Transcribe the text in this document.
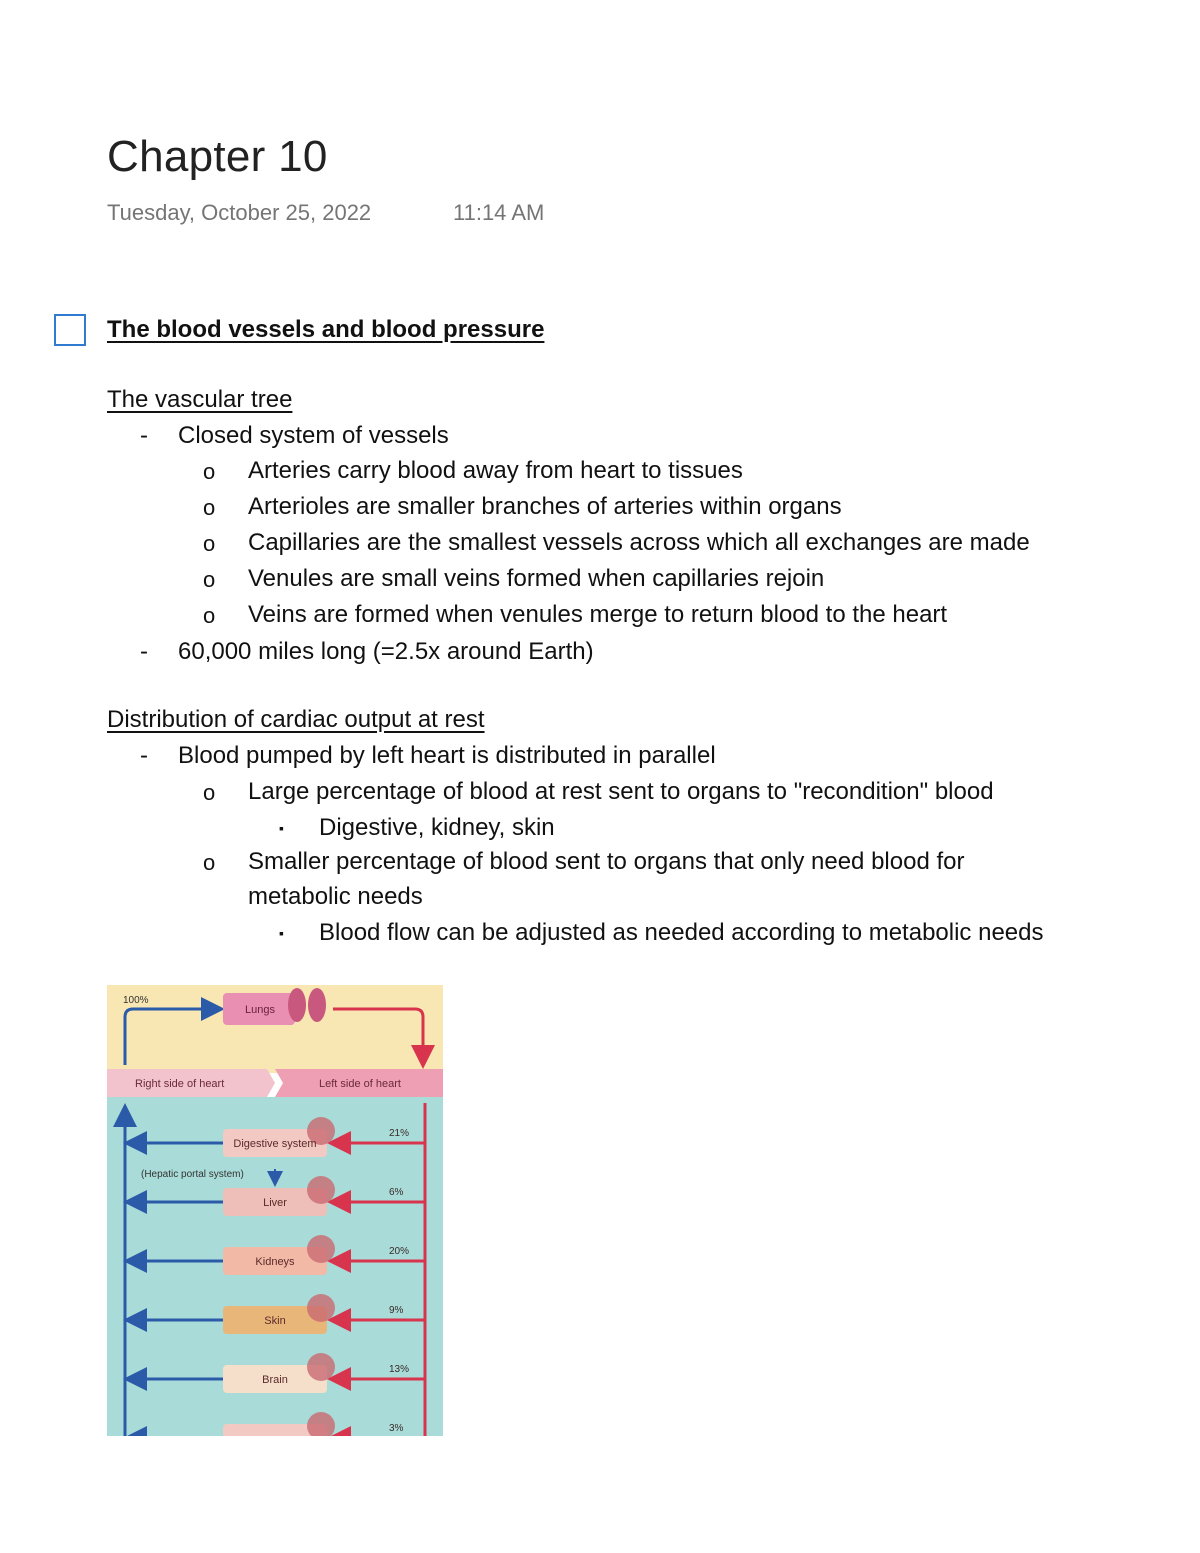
Chapter 10
Tuesday, October 25, 2022	11:14 AM
The blood vessels and blood pressure
The vascular tree
- Closed system of vessels
o Arteries carry blood away from heart to tissues
o Arterioles are smaller branches of arteries within organs
o Capillaries are the smallest vessels across which all exchanges are made
o Venules are small veins formed when capillaries rejoin
o Veins are formed when venules merge to return blood to the heart
- 60,000 miles long (=2.5x around Earth)
Distribution of cardiac output at rest
- Blood pumped by left heart is distributed in parallel
o Large percentage of blood at rest sent to organs to "recondition" blood
▪ Digestive, kidney, skin
o Smaller percentage of blood sent to organs that only need blood for
metabolic needs
▪ Blood flow can be adjusted as needed according to metabolic needs
Right side of heart	Left side of heart
100%
Lungs
(Hepatic portal system)
Digestive system
21%
Liver
6%
Kidneys
20%
Skin
9%
Brain
13%
3%
